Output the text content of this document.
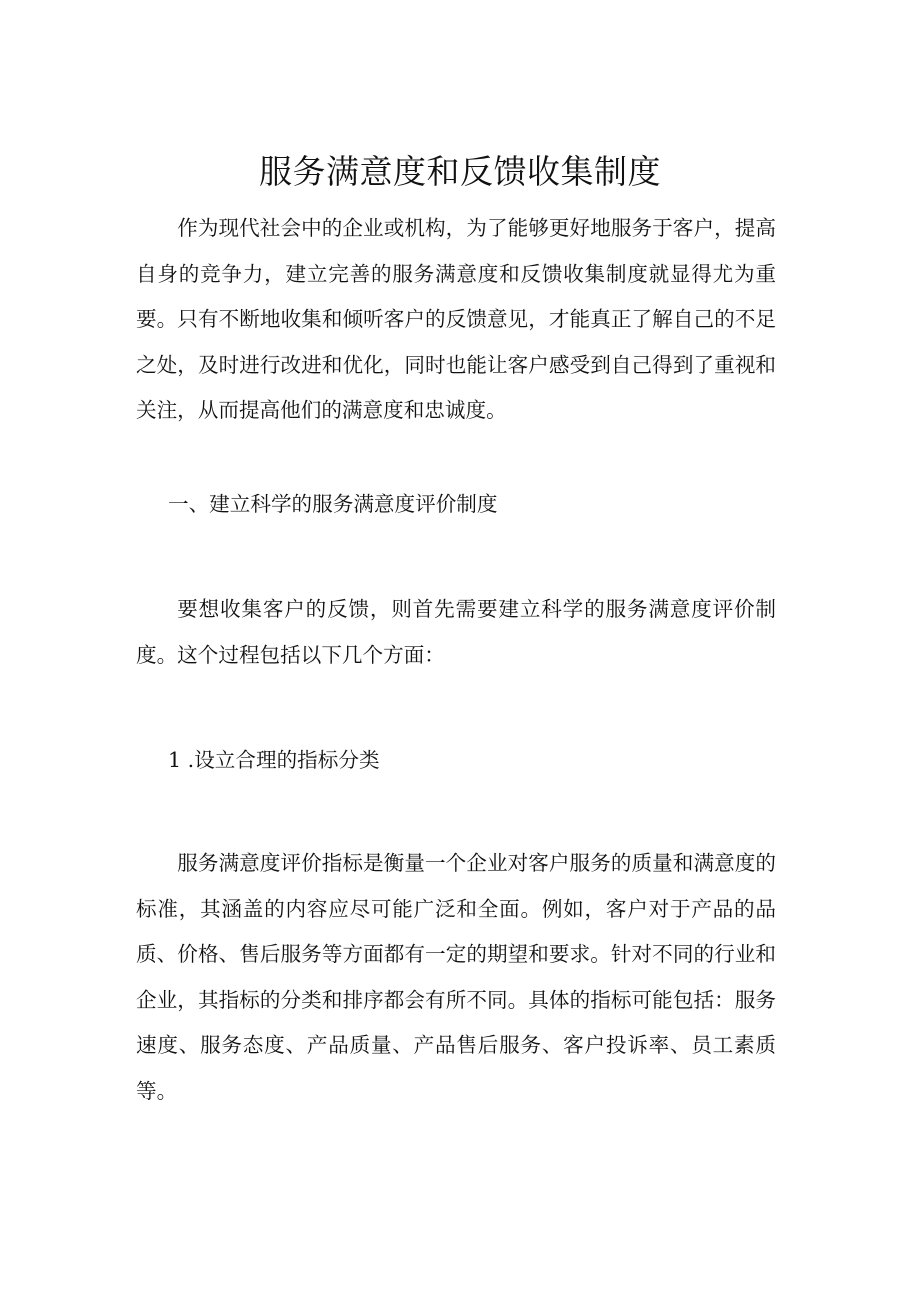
服务满意度和反馈收集制度

作为现代社会中的企业或机构，为了能够更好地服务于客户，提高自身的竞争力，建立完善的服务满意度和反馈收集制度就显得尤为重要。只有不断地收集和倾听客户的反馈意见，才能真正了解自己的不足之处，及时进行改进和优化，同时也能让客户感受到自己得到了重视和关注，从而提高他们的满意度和忠诚度。

一、建立科学的服务满意度评价制度

要想收集客户的反馈，则首先需要建立科学的服务满意度评价制度。这个过程包括以下几个方面：

1 .设立合理的指标分类

服务满意度评价指标是衡量一个企业对客户服务的质量和满意度的标准，其涵盖的内容应尽可能广泛和全面。例如，客户对于产品的品质、价格、售后服务等方面都有一定的期望和要求。针对不同的行业和企业，其指标的分类和排序都会有所不同。具体的指标可能包括：服务速度、服务态度、产品质量、产品售后服务、客户投诉率、员工素质等。
